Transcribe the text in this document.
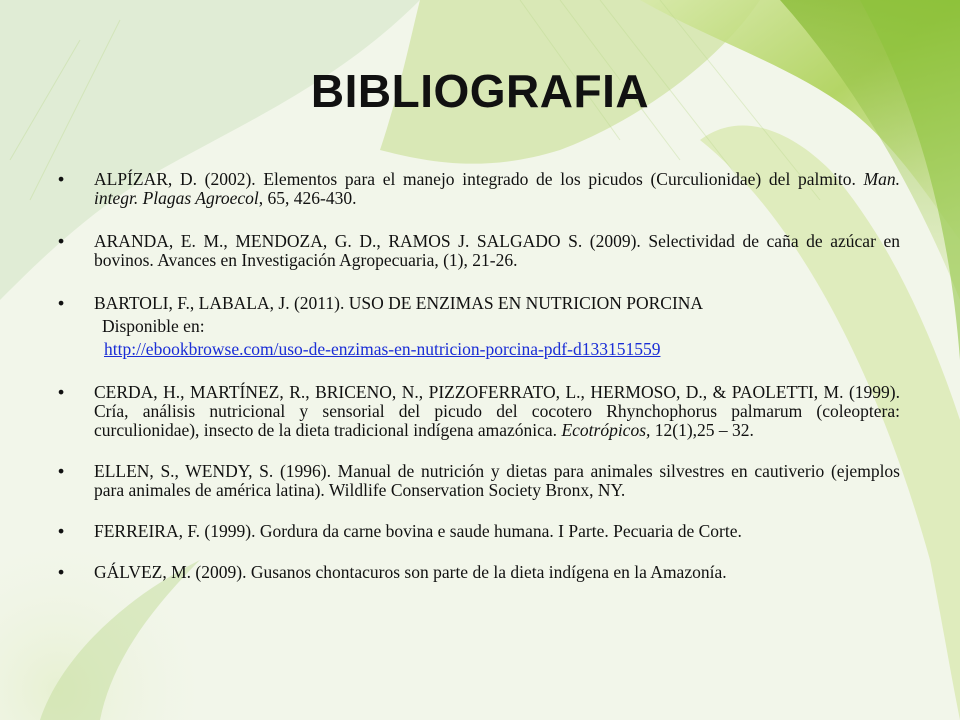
BIBLIOGRAFIA
• ALPÍZAR, D. (2002). Elementos para el manejo integrado de los picudos (Curculionidae) del palmito. Man. integr. Plagas Agroecol, 65, 426-430.
• ARANDA, E. M., MENDOZA, G. D., RAMOS J. SALGADO S. (2009). Selectividad de caña de azúcar en bovinos. Avances en Investigación Agropecuaria, (1), 21-26.
• BARTOLI, F., LABALA, J. (2011). USO DE ENZIMAS EN NUTRICION PORCINA
Disponible en:
http://ebookbrowse.com/uso-de-enzimas-en-nutricion-porcina-pdf-d133151559
• CERDA, H., MARTÍNEZ, R., BRICENO, N., PIZZOFERRATO, L., HERMOSO, D., & PAOLETTI, M. (1999). Cría, análisis nutricional y sensorial del picudo del cocotero Rhynchophorus palmarum (coleoptera: curculionidae), insecto de la dieta tradicional indígena amazónica. Ecotrópicos, 12(1),25 – 32.
• ELLEN, S., WENDY, S. (1996). Manual de nutrición y dietas para animales silvestres en cautiverio (ejemplos para animales de américa latina). Wildlife Conservation Society Bronx, NY.
• FERREIRA, F. (1999). Gordura da carne bovina e saude humana. I Parte. Pecuaria de Corte.
• GÁLVEZ, M. (2009). Gusanos chontacuros son parte de la dieta indígena en la Amazonía.
